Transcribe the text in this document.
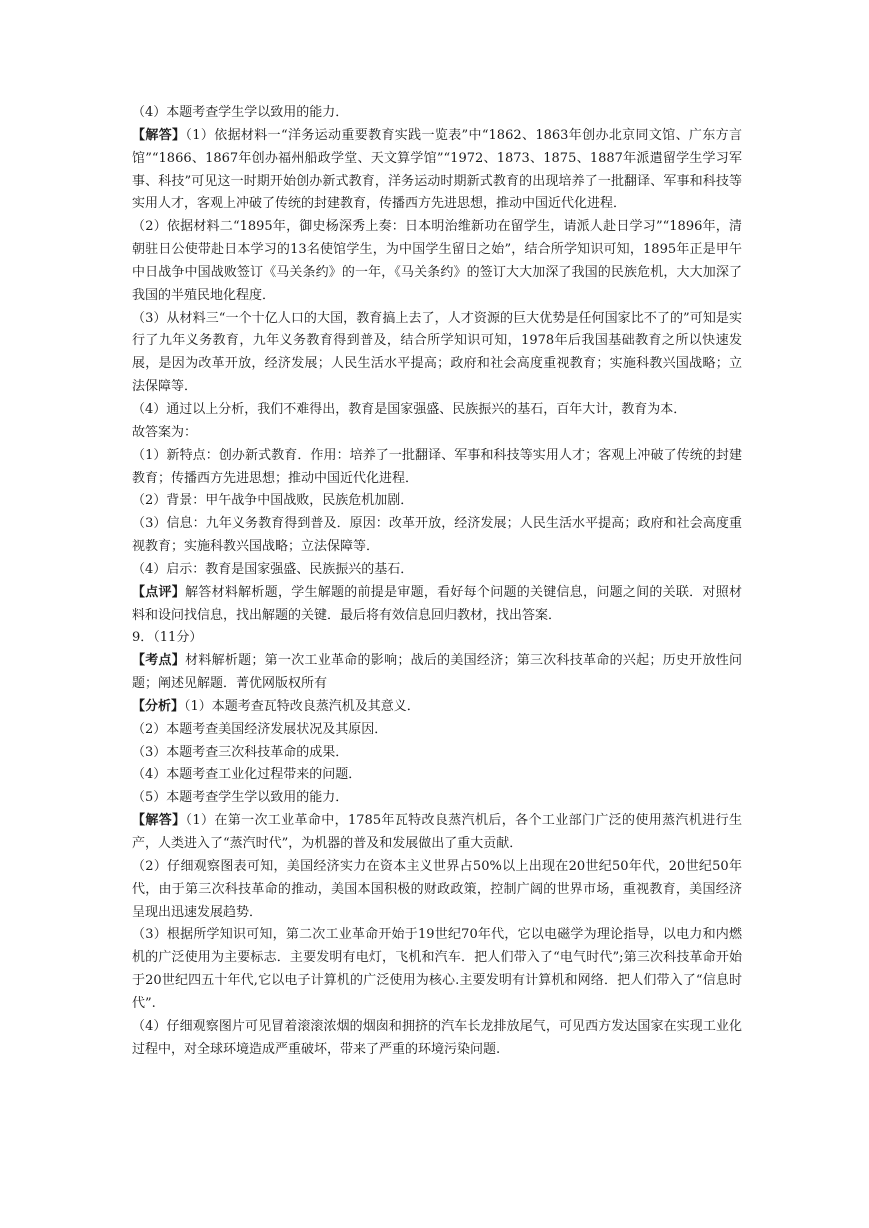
（4）本题考查学生学以致用的能力．

【解答】（1）依据材料一“洋务运动重要教育实践一览表”中“1862、1863年创办北京同文馆、广东方言馆”“1866、1867年创办福州船政学堂、天文算学馆”“1972、1873、1875、1887年派遣留学生学习军事、科技”可见这一时期开始创办新式教育，洋务运动时期新式教育的出现培养了一批翻译、军事和科技等实用人才，客观上冲破了传统的封建教育，传播西方先进思想，推动中国近代化进程．

（2）依据材料二“1895年，御史杨深秀上奏：日本明治维新功在留学生，请派人赴日学习”“1896年，清朝驻日公使带赴日本学习的13名使馆学生，为中国学生留日之始”，结合所学知识可知，1895年正是甲午中日战争中国战败签订《马关条约》的一年，《马关条约》的签订大大加深了我国的民族危机，大大加深了我国的半殖民地化程度．

（3）从材料三“一个十亿人口的大国，教育搞上去了，人才资源的巨大优势是任何国家比不了的”可知是实行了九年义务教育，九年义务教育得到普及，结合所学知识可知，1978年后我国基础教育之所以快速发展，是因为改革开放，经济发展；人民生活水平提高；政府和社会高度重视教育；实施科教兴国战略；立法保障等．

（4）通过以上分析，我们不难得出，教育是国家强盛、民族振兴的基石，百年大计，教育为本．

故答案为：

（1）新特点：创办新式教育．作用：培养了一批翻译、军事和科技等实用人才；客观上冲破了传统的封建教育；传播西方先进思想；推动中国近代化进程．

（2）背景：甲午战争中国战败，民族危机加剧．

（3）信息：九年义务教育得到普及．原因：改革开放，经济发展；人民生活水平提高；政府和社会高度重视教育；实施科教兴国战略；立法保障等．

（4）启示：教育是国家强盛、民族振兴的基石．

【点评】解答材料解析题，学生解题的前提是审题，看好每个问题的关键信息，问题之间的关联．对照材料和设问找信息，找出解题的关键．最后将有效信息回归教材，找出答案．

9．（11分）

【考点】材料解析题；第一次工业革命的影响；战后的美国经济；第三次科技革命的兴起；历史开放性问题；阐述见解题．菁优网版权所有

【分析】（1）本题考查瓦特改良蒸汽机及其意义．

（2）本题考查美国经济发展状况及其原因．

（3）本题考查三次科技革命的成果．

（4）本题考查工业化过程带来的问题．

（5）本题考查学生学以致用的能力．

【解答】（1）在第一次工业革命中，1785年瓦特改良蒸汽机后，各个工业部门广泛的使用蒸汽机进行生产，人类进入了“蒸汽时代”，为机器的普及和发展做出了重大贡献．

（2）仔细观察图表可知，美国经济实力在资本主义世界占50%以上出现在20世纪50年代，20世纪50年代，由于第三次科技革命的推动，美国本国积极的财政政策，控制广阔的世界市场，重视教育，美国经济呈现出迅速发展趋势．

（3）根据所学知识可知，第二次工业革命开始于19世纪70年代，它以电磁学为理论指导，以电力和内燃机的广泛使用为主要标志．主要发明有电灯，飞机和汽车．把人们带入了“电气时代”;第三次科技革命开始于20世纪四五十年代,它以电子计算机的广泛使用为核心.主要发明有计算机和网络．把人们带入了“信息时代”.

（4）仔细观察图片可见冒着滚滚浓烟的烟囱和拥挤的汽车长龙排放尾气，可见西方发达国家在实现工业化过程中，对全球环境造成严重破坏，带来了严重的环境污染问题.
